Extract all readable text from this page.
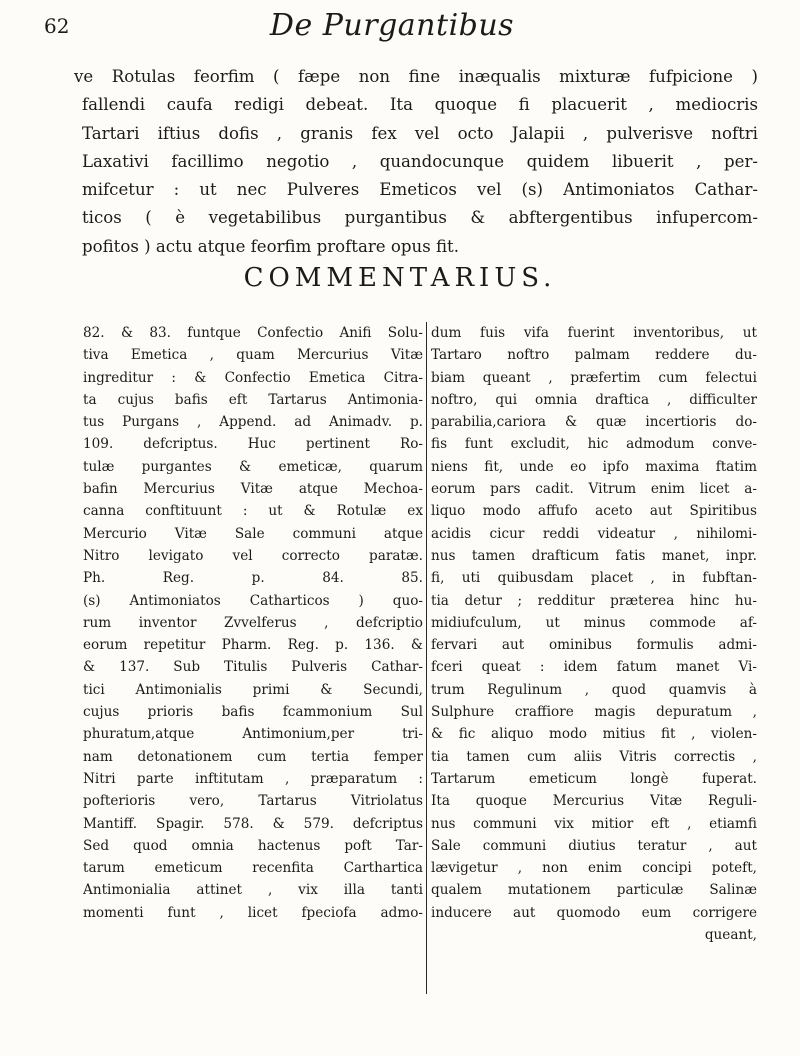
62	De Purgantibus
ve Rotulas feorfim ( fæpe non fine inæqualis mixturæ fufpicione )
fallendi caufa redigi debeat. Ita quoque fi placuerit , mediocris
Tartari iftius dofis , granis fex vel octo Jalapii , pulverisve noftri
Laxativi facillimo negotio , quandocunque quidem libuerit , per-
mifcetur : ut nec Pulveres Emeticos vel (s) Antimoniatos Cathar-
ticos ( è vegetabilibus purgantibus & abftergentibus infupercom-
pofitos ) actu atque feorfim proftare opus fit.
COMMENTARIUS.
82. & 83. funtque Confectio Anifi Solu-
tiva Emetica , quam Mercurius Vitæ
ingreditur : & Confectio Emetica Citra-
ta cujus bafis eft Tartarus Antimonia-
tus Purgans , Append. ad Animadv. p.
109. defcriptus. Huc pertinent Ro-
tulæ purgantes & emeticæ, quarum
bafin Mercurius Vitæ atque Mechoa-
canna conftituunt : ut & Rotulæ ex
Mercurio Vitæ Sale communi atque
Nitro levigato vel correcto paratæ.
Ph. Reg. p. 84. 85.
(s) Antimoniatos Catharticos ) quo-
rum inventor Zvvelferus , defcriptio
eorum repetitur Pharm. Reg. p. 136. &
& 137. Sub Titulis Pulveris Cathar-
tici Antimonialis primi & Secundi,
cujus prioris bafis fcammonium Sul
phuratum,atque Antimonium,per tri-
nam detonationem cum tertia femper
Nitri parte inftitutam , præparatum :
pofterioris vero, Tartarus Vitriolatus
Mantiff. Spagir. 578. & 579. defcriptus
Sed quod omnia hactenus poft Tar-
tarum emeticum recenfita Carthartica
Antimonialia attinet , vix illa tanti
momenti funt , licet fpeciofa admo-
dum fuis vifa fuerint inventoribus, ut
Tartaro noftro palmam reddere du-
biam queant , præfertim cum felectui
noftro, qui omnia draftica , difficulter
parabilia,cariora & quæ incertioris do-
fis funt excludit, hic admodum conve-
niens fit, unde eo ipfo maxima ftatim
eorum pars cadit. Vitrum enim licet a-
liquo modo affufo aceto aut Spiritibus
acidis cicur reddi videatur , nihilomi-
nus tamen drafticum fatis manet, inpr.
fi, uti quibusdam placet , in fubftan-
tia detur ; redditur præterea hinc hu-
midiufculum, ut minus commode af-
fervari aut ominibus formulis admi-
fceri queat : idem fatum manet Vi-
trum Regulinum , quod quamvis à
Sulphure craffiore magis depuratum ,
& fic aliquo modo mitius fit , violen-
tia tamen cum aliis Vitris correctis ,
Tartarum emeticum longè fuperat.
Ita quoque Mercurius Vitæ Reguli-
nus communi vix mitior eft , etiamfi
Sale communi diutius teratur , aut
lævigetur , non enim concipi poteft,
qualem mutationem particulæ Salinæ
inducere aut quomodo eum corrigere
queant,
